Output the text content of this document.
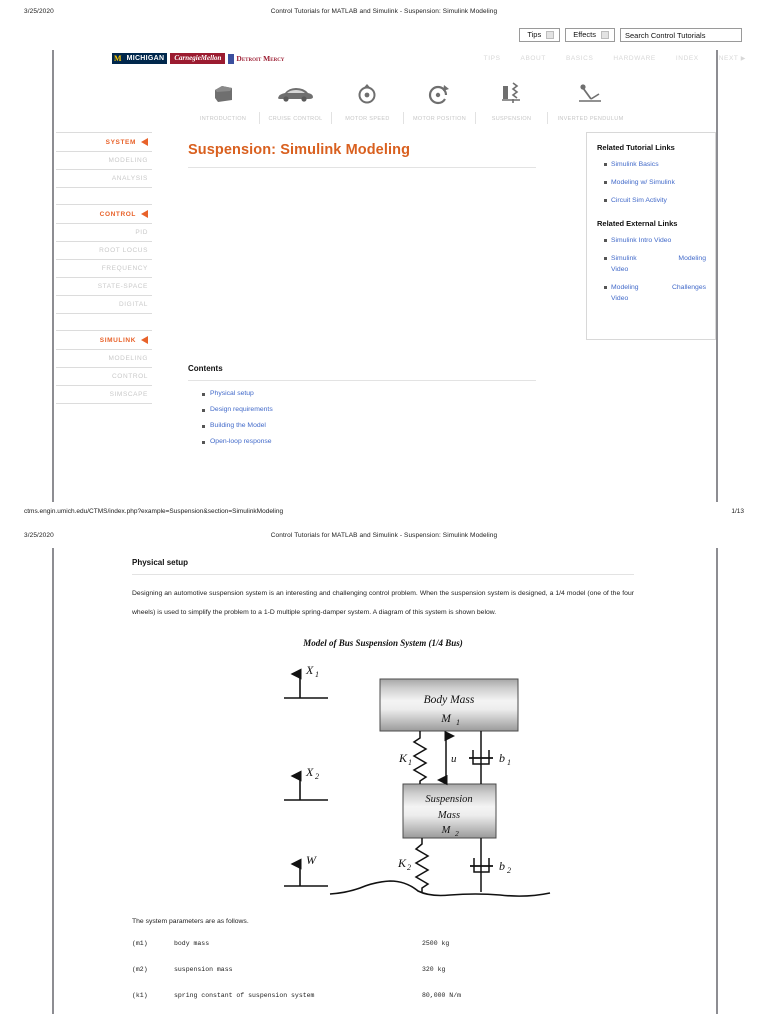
3/25/2020	Control Tutorials for MATLAB and Simulink - Suspension: Simulink Modeling
Tips	Effects	Search Control Tutorials
M MICHIGAN	CarnegieMellon	Detroit Mercy	TIPS	ABOUT	BASICS	HARDWARE	INDEX	NEXT ▶
INTRODUCTION	CRUISE CONTROL	MOTOR SPEED	MOTOR POSITION	SUSPENSION	INVERTED PENDULUM
SYSTEM
MODELING
ANALYSIS
CONTROL
PID
ROOT LOCUS
FREQUENCY
STATE-SPACE
DIGITAL
SIMULINK
MODELING
CONTROL
SIMSCAPE
Suspension: Simulink Modeling	Related Tutorial Links
Simulink Basics
Modeling w/ Simulink
Circuit Sim Activity
Related External Links
Simulink Intro Video
Simulink	Modeling
Video
Modeling	Challenges
Video
Contents
Physical setup
Design requirements
Building the Model
Open-loop response
ctms.engin.umich.edu/CTMS/index.php?example=Suspension&section=SimulinkModeling	1/13
3/25/2020	Control Tutorials for MATLAB and Simulink - Suspension: Simulink Modeling
Physical setup

Designing an automotive suspension system is an interesting and challenging control problem. When the suspension system is designed, a 1/4 model (one of the four wheels) is used to simplify the problem to a 1-D multiple spring-damper system. A diagram of this system is shown below.

Model of Bus Suspension System (1/4 Bus)
X 1
X 2
W
Body Mass
M 1
Suspension
Mass
M 2
K 1	u	b 1
K 2	b 2
The system parameters are as follows.
(m1)	body mass	2500 kg
(m2)	suspension mass	320 kg
(k1)	spring constant of suspension system	80,000 N/m
